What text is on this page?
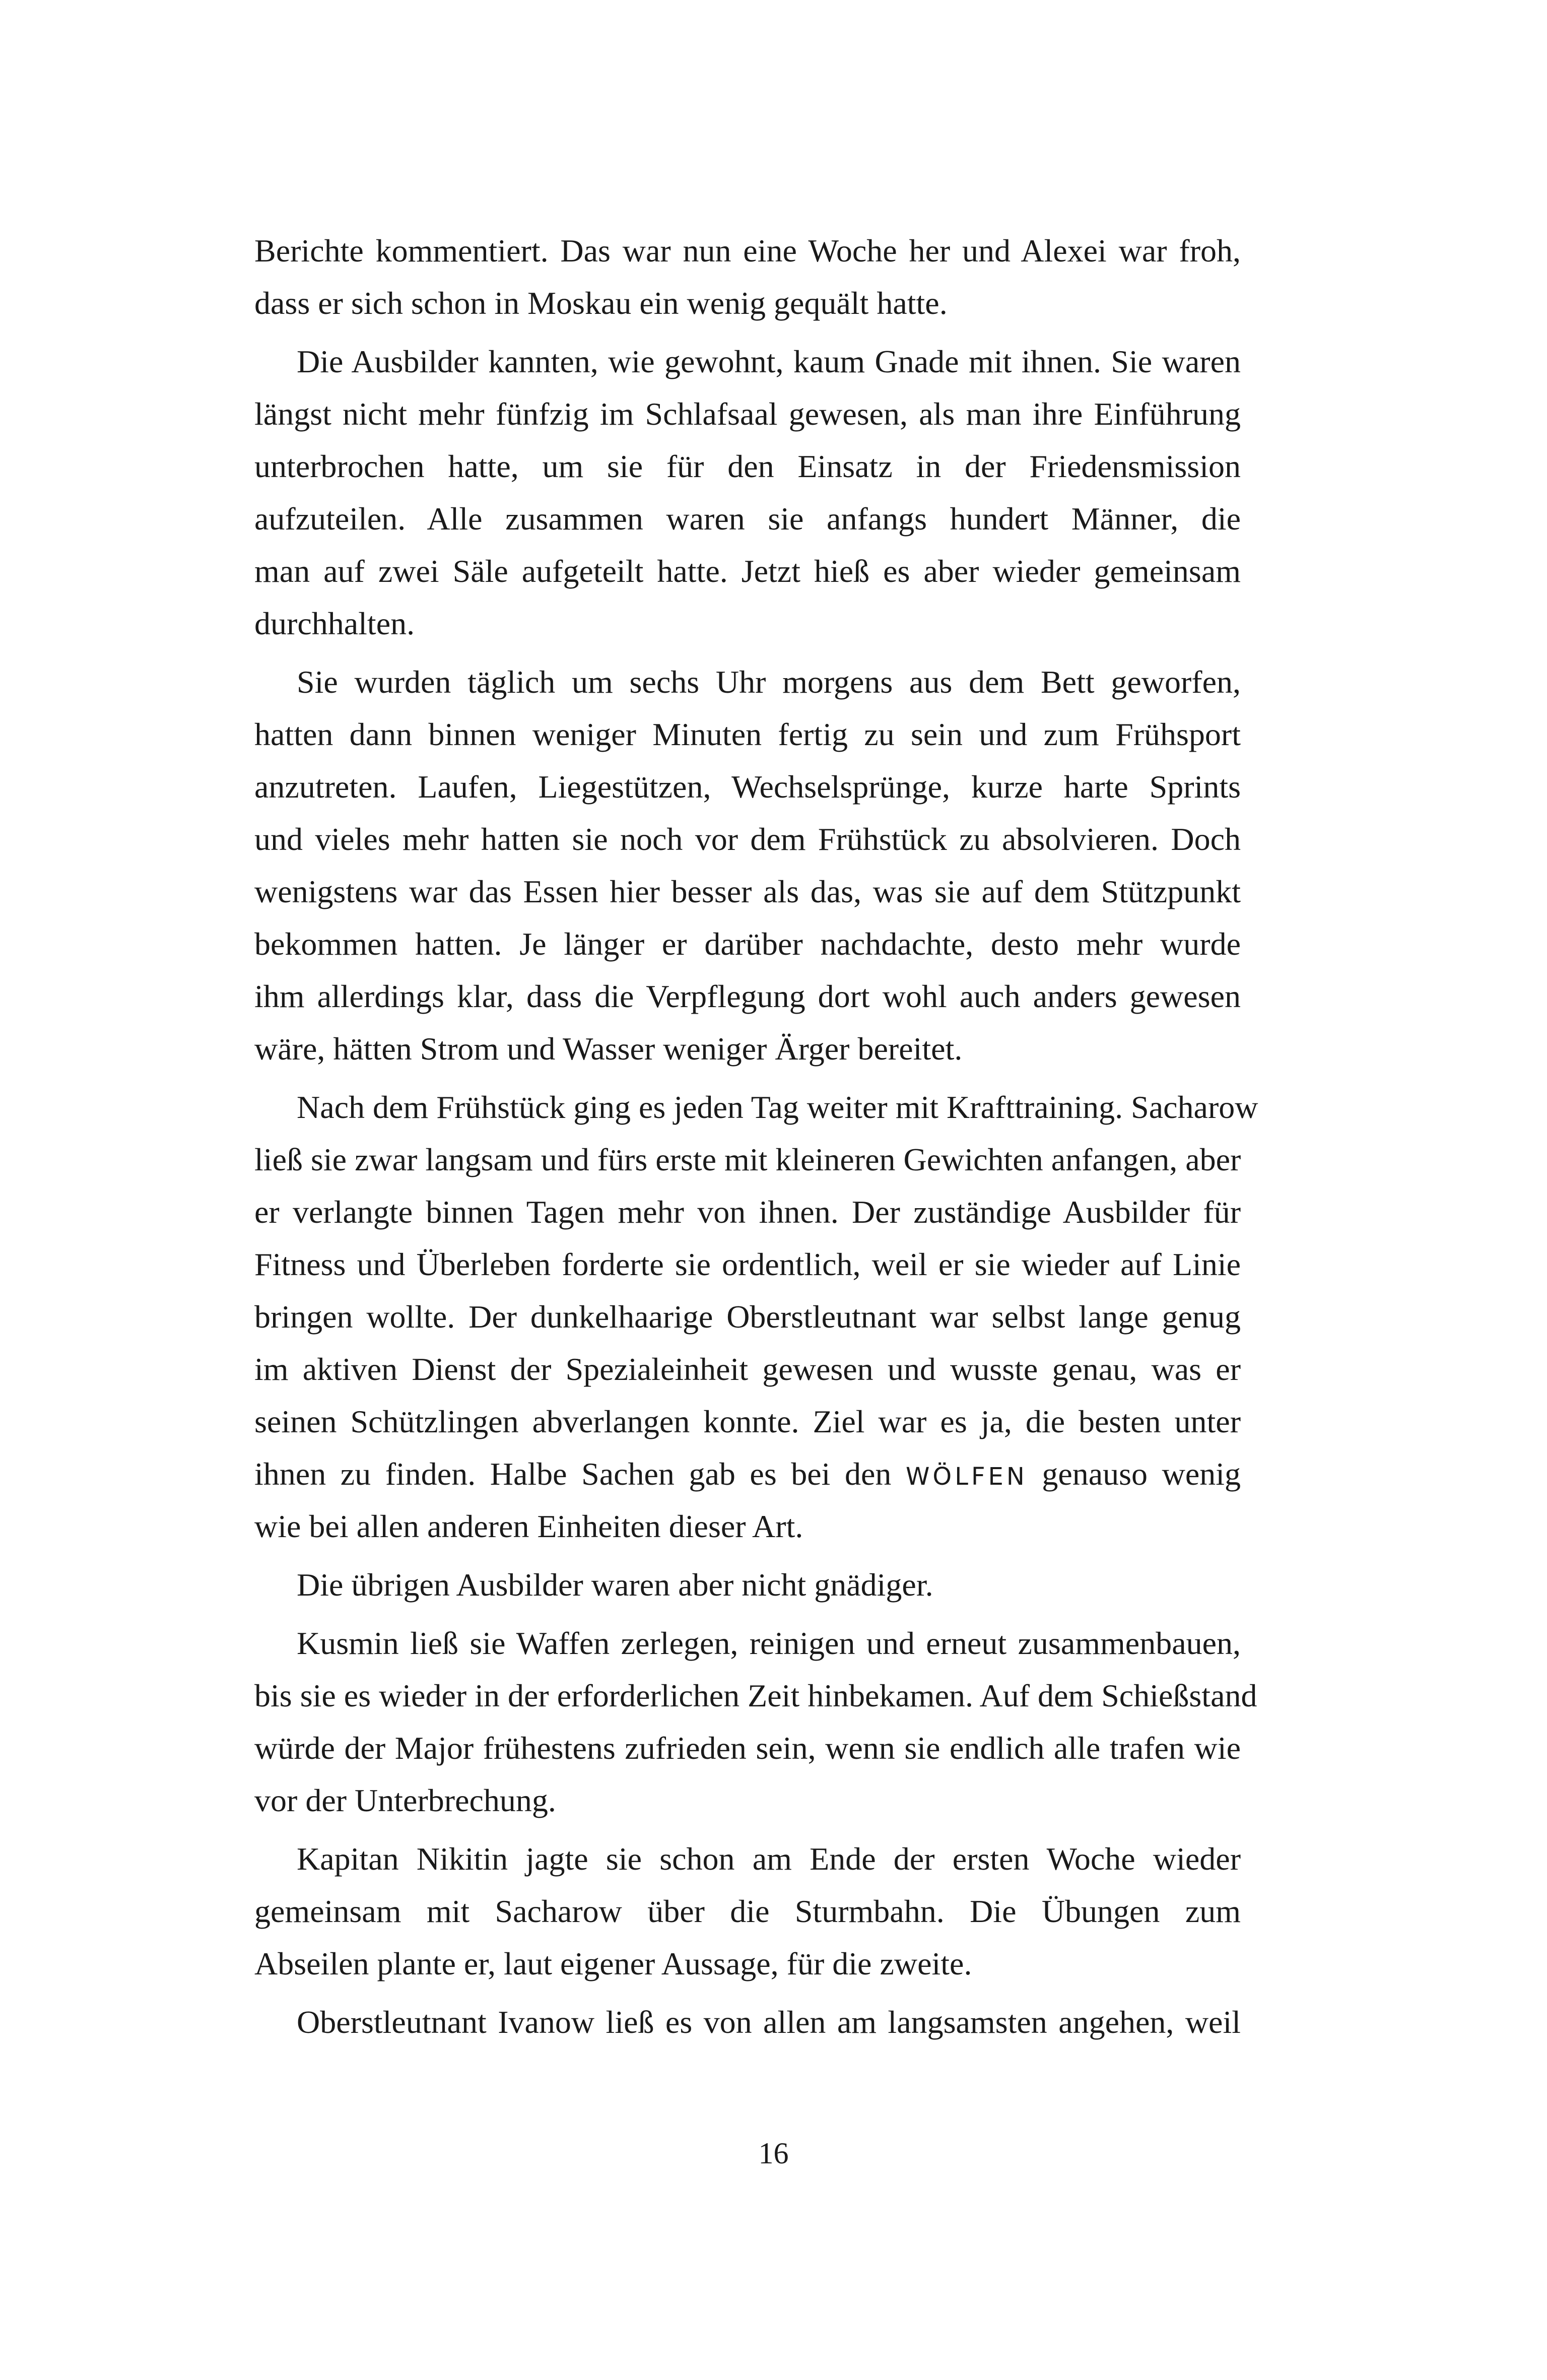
Berichte kommentiert. Das war nun eine Woche her und Alexei war froh,
dass er sich schon in Moskau ein wenig gequält hatte.
Die Ausbilder kannten, wie gewohnt, kaum Gnade mit ihnen. Sie waren
längst nicht mehr fünfzig im Schlafsaal gewesen, als man ihre Einführung
unterbrochen hatte, um sie für den Einsatz in der Friedensmission
aufzuteilen. Alle zusammen waren sie anfangs hundert Männer, die
man auf zwei Säle aufgeteilt hatte. Jetzt hieß es aber wieder gemeinsam
durchhalten.
Sie wurden täglich um sechs Uhr morgens aus dem Bett geworfen,
hatten dann binnen weniger Minuten fertig zu sein und zum Frühsport
anzutreten. Laufen, Liegestützen, Wechselsprünge, kurze harte Sprints
und vieles mehr hatten sie noch vor dem Frühstück zu absolvieren. Doch
wenigstens war das Essen hier besser als das, was sie auf dem Stützpunkt
bekommen hatten. Je länger er darüber nachdachte, desto mehr wurde
ihm allerdings klar, dass die Verpflegung dort wohl auch anders gewesen
wäre, hätten Strom und Wasser weniger Ärger bereitet.
Nach dem Frühstück ging es jeden Tag weiter mit Krafttraining. Sacharow
ließ sie zwar langsam und fürs erste mit kleineren Gewichten anfangen, aber
er verlangte binnen Tagen mehr von ihnen. Der zuständige Ausbilder für
Fitness und Überleben forderte sie ordentlich, weil er sie wieder auf Linie
bringen wollte. Der dunkelhaarige Oberstleutnant war selbst lange genug
im aktiven Dienst der Spezialeinheit gewesen und wusste genau, was er
seinen Schützlingen abverlangen konnte. Ziel war es ja, die besten unter
ihnen zu finden. Halbe Sachen gab es bei den WÖLFEN genauso wenig
wie bei allen anderen Einheiten dieser Art.
Die übrigen Ausbilder waren aber nicht gnädiger.
Kusmin ließ sie Waffen zerlegen, reinigen und erneut zusammenbauen,
bis sie es wieder in der erforderlichen Zeit hinbekamen. Auf dem Schießstand
würde der Major frühestens zufrieden sein, wenn sie endlich alle trafen wie
vor der Unterbrechung.
Kapitan Nikitin jagte sie schon am Ende der ersten Woche wieder
gemeinsam mit Sacharow über die Sturmbahn. Die Übungen zum
Abseilen plante er, laut eigener Aussage, für die zweite.
Oberstleutnant Ivanow ließ es von allen am langsamsten angehen, weil
16
